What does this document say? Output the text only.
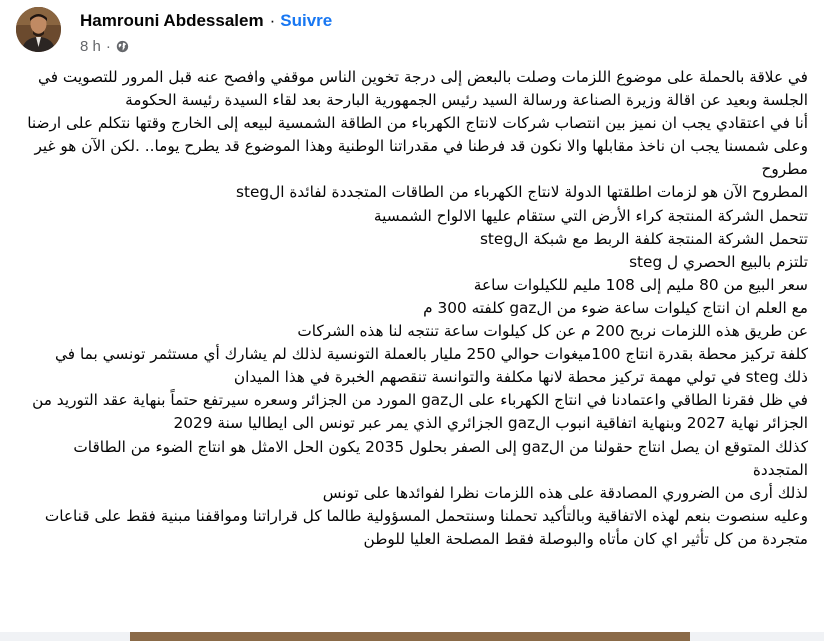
Hamrouni Abdessalem · Suivre
8 h ·

في علاقة بالحملة على موضوع اللزمات وصلت بالبعض إلى درجة تخوين الناس موقفي وافصح عنه قبل المرور للتصويت في الجلسة وبعيد عن اقالة وزيرة الصناعة ورسالة السيد رئيس الجمهورية البارحة بعد لقاء السيدة رئيسة الحكومة

أنا في اعتقادي يجب ان نميز بين انتصاب شركات لانتاج الكهرباء من الطاقة الشمسية لبيعه إلى الخارج وقتها نتكلم على ارضنا وعلى شمسنا يجب ان ناخذ مقابلها والا نكون قد فرطنا في مقدراتنا الوطنية وهذا الموضوع قد يطرح يوما.. .لكن الآن هو غير مطروح

المطروح الآن هو لزمات اطلقتها الدولة لانتاج الكهرباء من الطاقات المتجددة لفائدة الsteg

تتحمل الشركة المنتجة كراء الأرض التي ستقام عليها الالواح الشمسية

تتحمل الشركة المنتجة كلفة الربط مع شبكة الsteg

تلتزم بالبيع الحصري ل steg

سعر البيع من 80 مليم إلى 108 مليم للكيلوات ساعة

مع العلم ان انتاج كيلوات ساعة ضوء من الgaz كلفته 300 م

عن طريق هذه اللزمات نربح 200 م عن كل كيلوات ساعة تنتجه لنا هذه الشركات

كلفة تركيز محطة بقدرة انتاج 100ميغوات حوالي 250 مليار بالعملة التونسية لذلك لم يشارك أي مستثمر تونسي بما في ذلك steg في تولي مهمة تركيز محطة لانها مكلفة والتوانسة تنقصهم الخبرة في هذا الميدان

في ظل فقرنا الطاقي واعتمادنا في انتاج الكهرباء على الgaz المورد من الجزائر وسعره سيرتفع حتماً بنهاية عقد التوريد من الجزائر نهاية 2027 وبنهاية اتفاقية انبوب الgaz الجزائري الذي يمر عبر تونس الى ايطاليا سنة 2029

كذلك المتوقع ان يصل انتاج حقولنا من الgaz إلى الصفر بحلول 2035 يكون الحل الامثل هو انتاج الضوء من الطاقات المتجددة

لذلك أرى من الضروري المصادقة على هذه اللزمات نظرا لفوائدها على تونس

وعليه سنصوت بنعم لهذه الاتفاقية وبالتأكيد تحملنا وسنتحمل المسؤولية طالما كل قراراتنا ومواقفنا مبنية فقط على قناعات متجردة من كل تأثير اي كان مأتاه والبوصلة فقط المصلحة العليا للوطن
